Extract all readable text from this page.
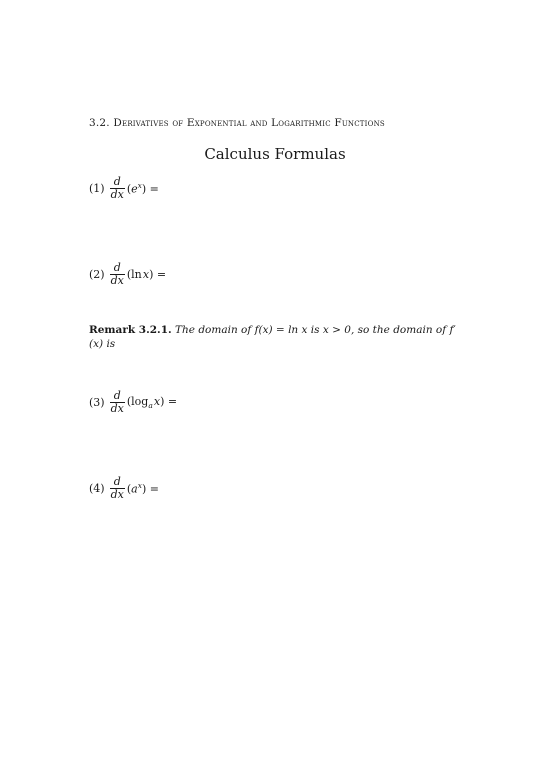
3.2. Derivatives of Exponential and Logarithmic Functions
Calculus Formulas
$(1) \frac{d}{dx} (e^x)$ =
$(2) \frac{d}{dx} (\ln$ x) =
Remark 3.2.1. The domain of f(x) = ln x is x > 0, so the domain of f′(x) is
$(3) \frac{d}{dx} (\log_a$ x) =
$(4) \frac{d}{dx} (a^x)$ =
